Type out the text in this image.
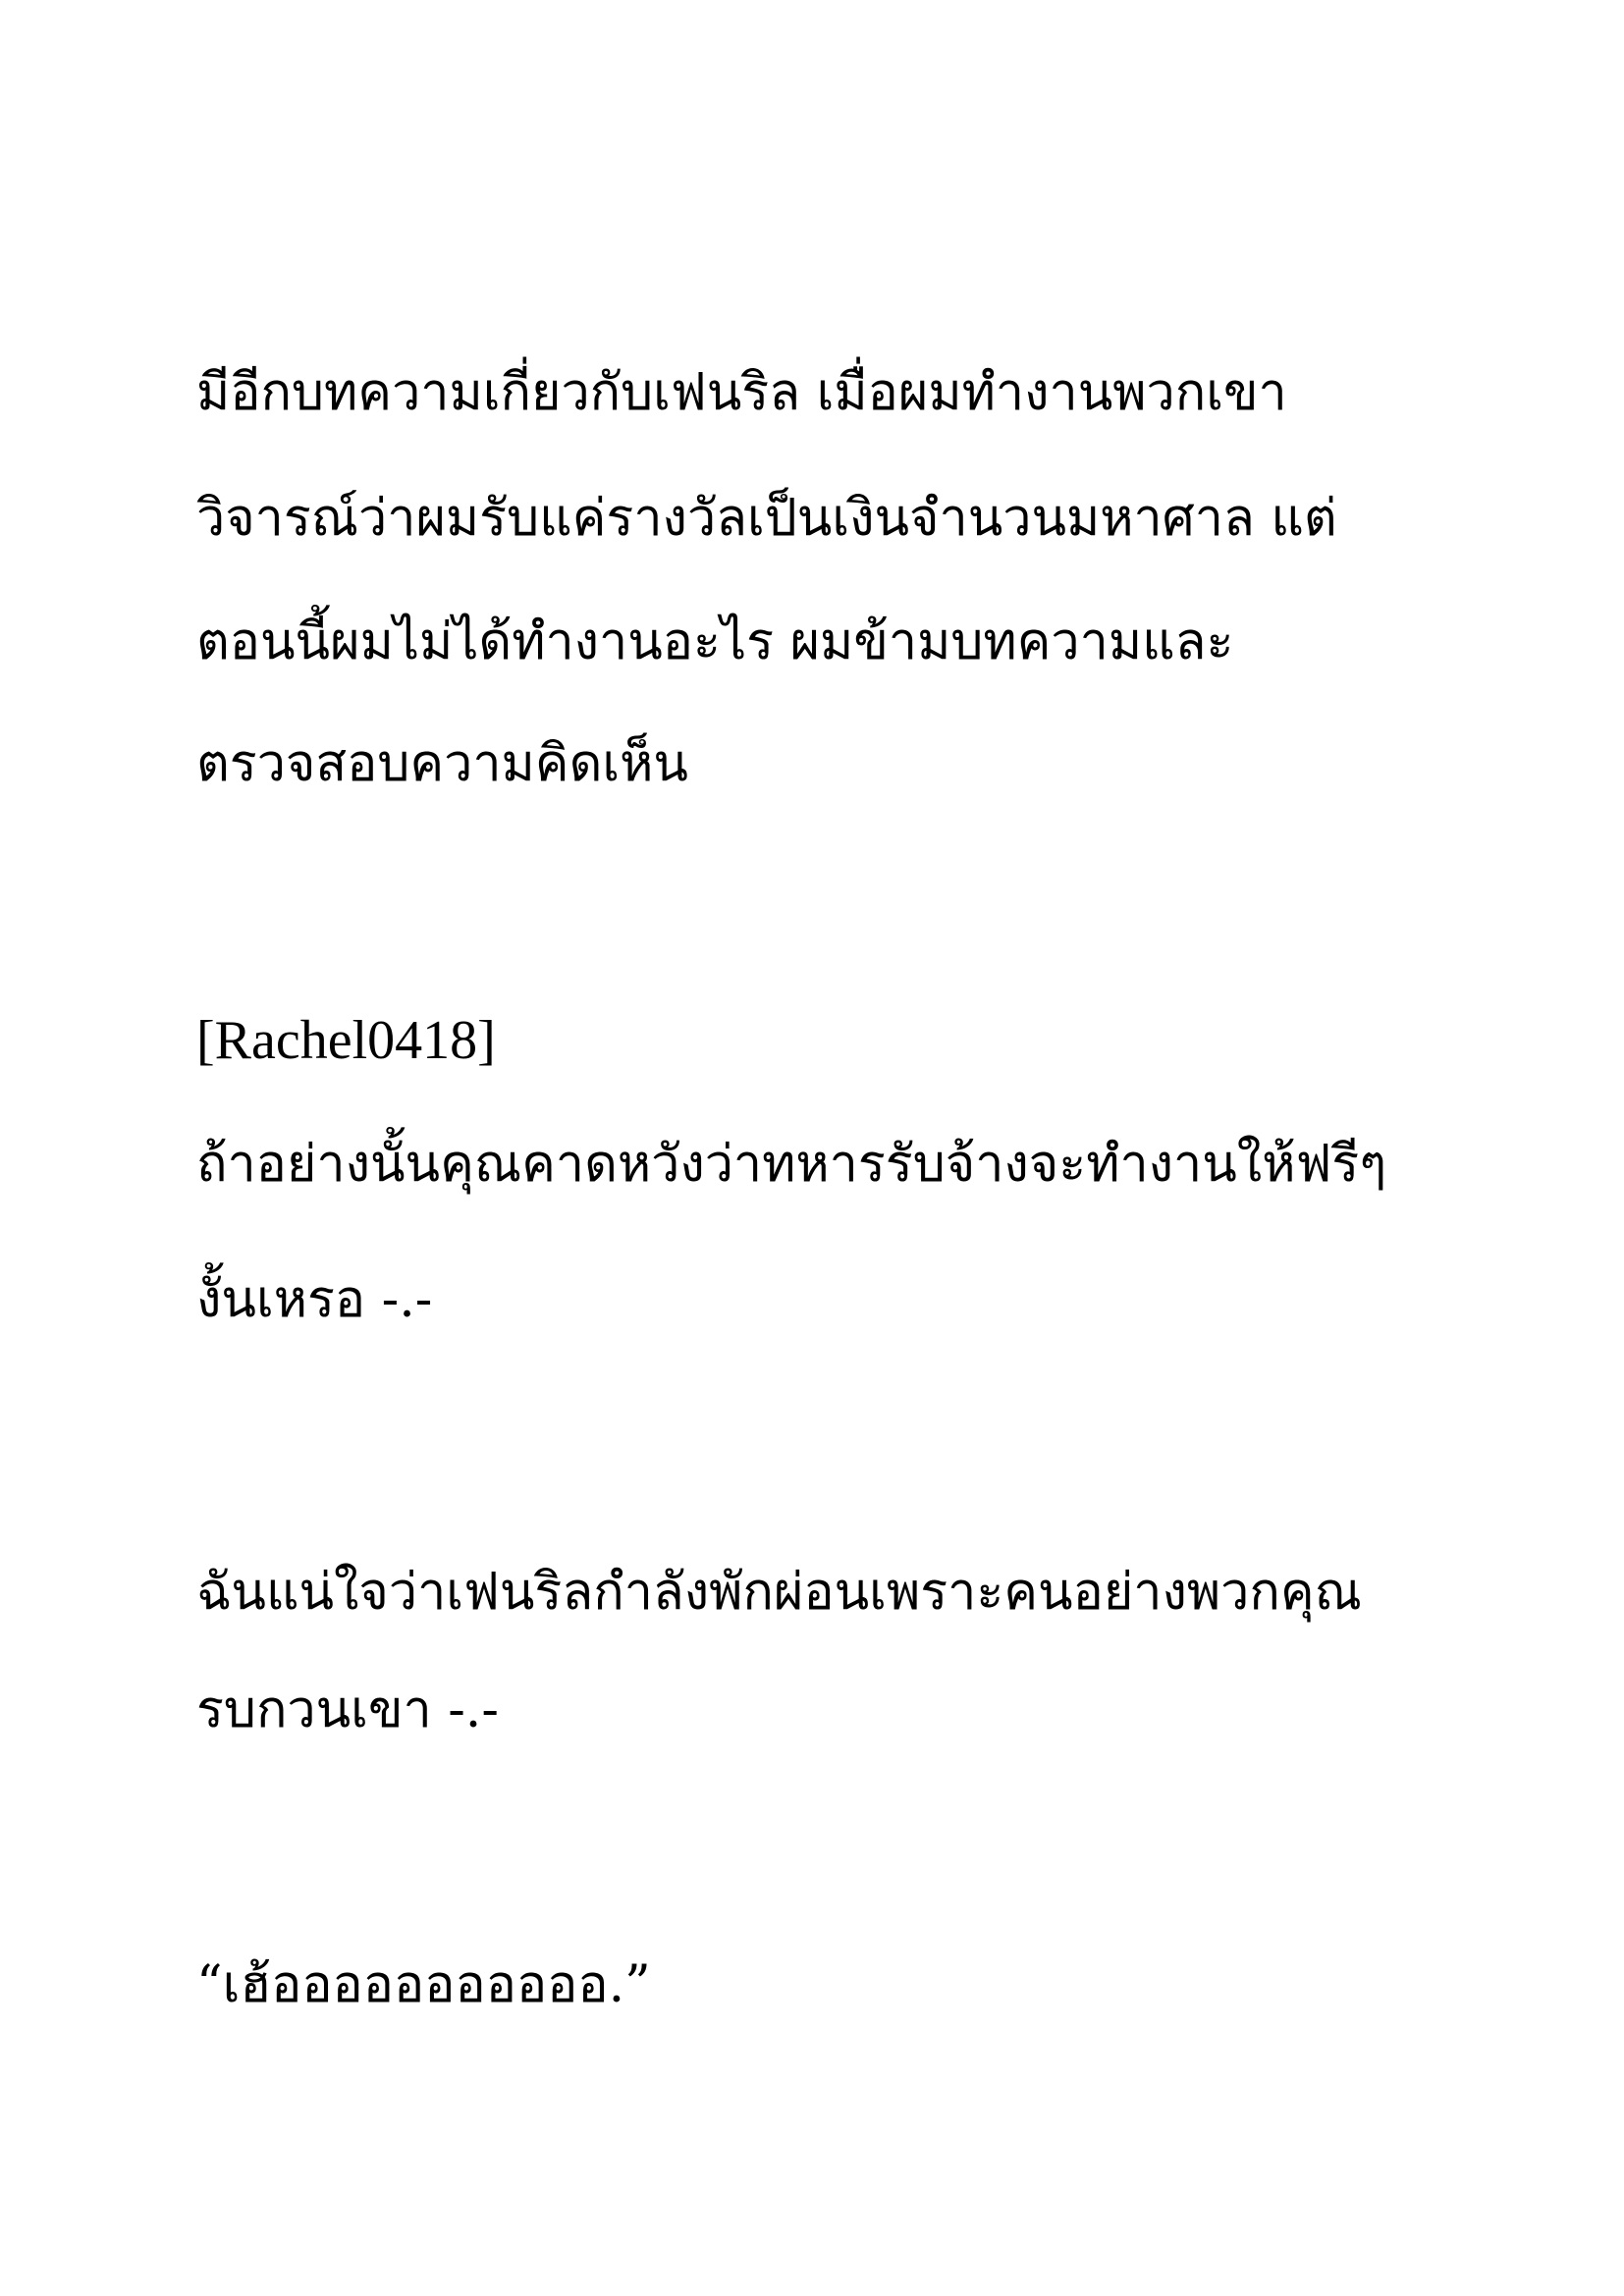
มีอีกบทความเกี่ยวกับเฟนริล เมื่อผมทำงานพวกเขา
วิจารณ์ว่าผมรับแค่รางวัลเป็นเงินจำนวนมหาศาล แต่
ตอนนี้ผมไม่ได้ทำงานอะไร ผมข้ามบทความและ
ตรวจสอบความคิดเห็น
[Rachel0418]
ถ้าอย่างนั้นคุณคาดหวังว่าทหารรับจ้างจะทำงานให้ฟรีๆ
งั้นเหรอ -.-
ฉันแน่ใจว่าเฟนริลกำลังพักผ่อนเพราะคนอย่างพวกคุณ
รบกวนเขา -.-
“เฮ้อออออออออออ.”
